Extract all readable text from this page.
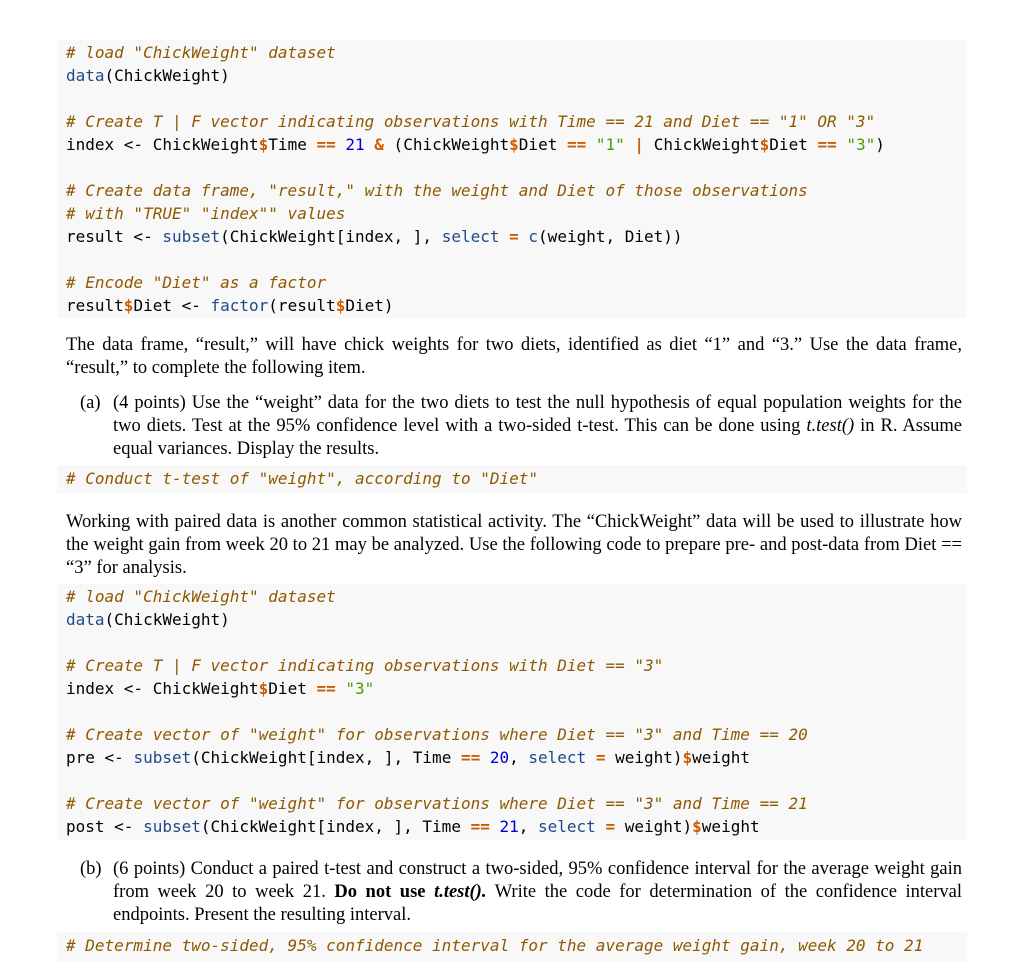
# load "ChickWeight" dataset
data(ChickWeight)
# Create T | F vector indicating observations with Time == 21 and Diet == "1" OR "3"
index <- ChickWeight$Time == 21 & (ChickWeight$Diet == "1" | ChickWeight$Diet == "3")
# Create data frame, "result," with the weight and Diet of those observations
# with "TRUE" "index"" values
result <- subset(ChickWeight[index, ], select = c(weight, Diet))
# Encode "Diet" as a factor
result$Diet <- factor(result$Diet)
The data frame, “result,” will have chick weights for two diets, identified as diet “1” and “3.” Use the data frame, “result,” to complete the following item.
(a) (4 points) Use the “weight” data for the two diets to test the null hypothesis of equal population weights for the two diets. Test at the 95% confidence level with a two-sided t-test. This can be done using t.test() in R. Assume equal variances. Display the results.
# Conduct t-test of "weight", according to "Diet"
Working with paired data is another common statistical activity. The “ChickWeight” data will be used to illustrate how the weight gain from week 20 to 21 may be analyzed. Use the following code to prepare pre- and post-data from Diet == “3” for analysis.
# load "ChickWeight" dataset
data(ChickWeight)
# Create T | F vector indicating observations with Diet == "3"
index <- ChickWeight$Diet == "3"
# Create vector of "weight" for observations where Diet == "3" and Time == 20
pre <- subset(ChickWeight[index, ], Time == 20, select = weight)$weight
# Create vector of "weight" for observations where Diet == "3" and Time == 21
post <- subset(ChickWeight[index, ], Time == 21, select = weight)$weight
(b) (6 points) Conduct a paired t-test and construct a two-sided, 95% confidence interval for the average weight gain from week 20 to week 21. Do not use t.test(). Write the code for determination of the confidence interval endpoints. Present the resulting interval.
# Determine two-sided, 95% confidence interval for the average weight gain, week 20 to 21
